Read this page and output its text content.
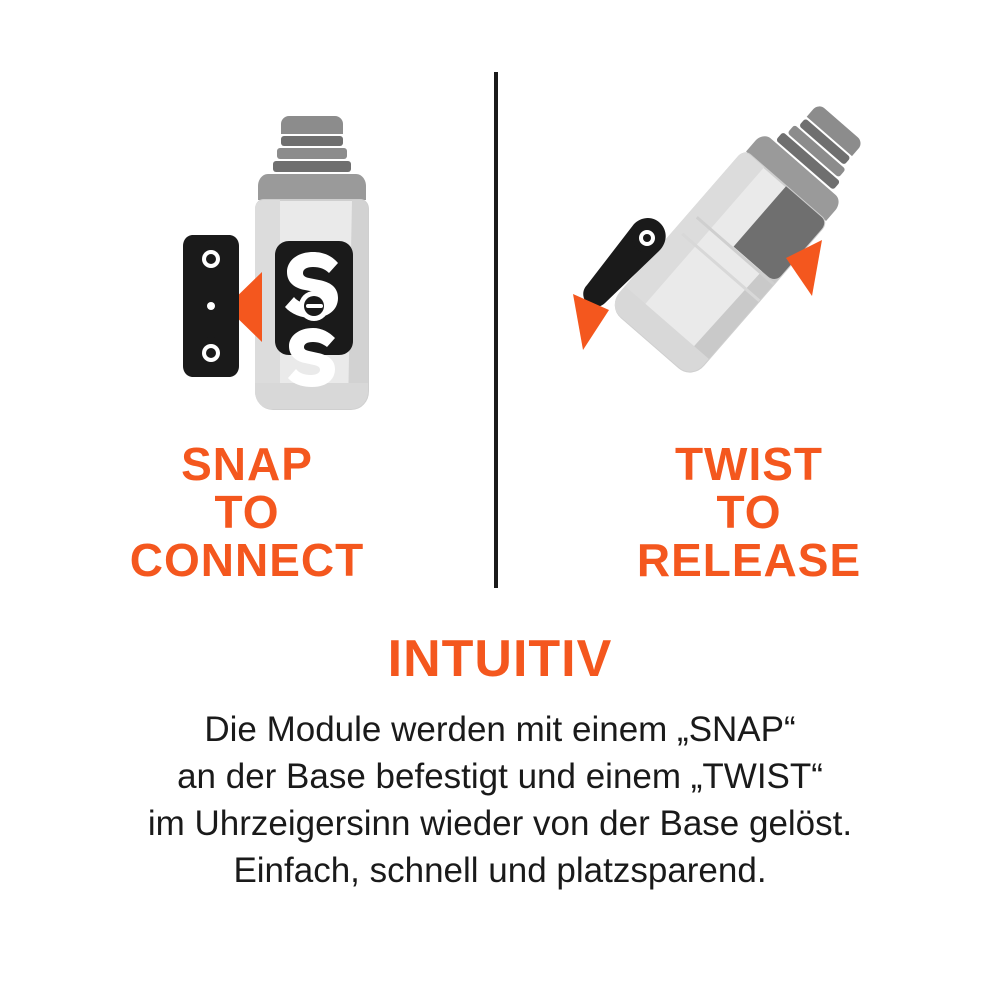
SNAP
TO
CONNECT
TWIST
TO
RELEASE
INTUITIV
Die Module werden mit einem „SNAP“
an der Base befestigt und einem „TWIST“
im Uhrzeigersinn wieder von der Base gelöst.
Einfach, schnell und platzsparend.
